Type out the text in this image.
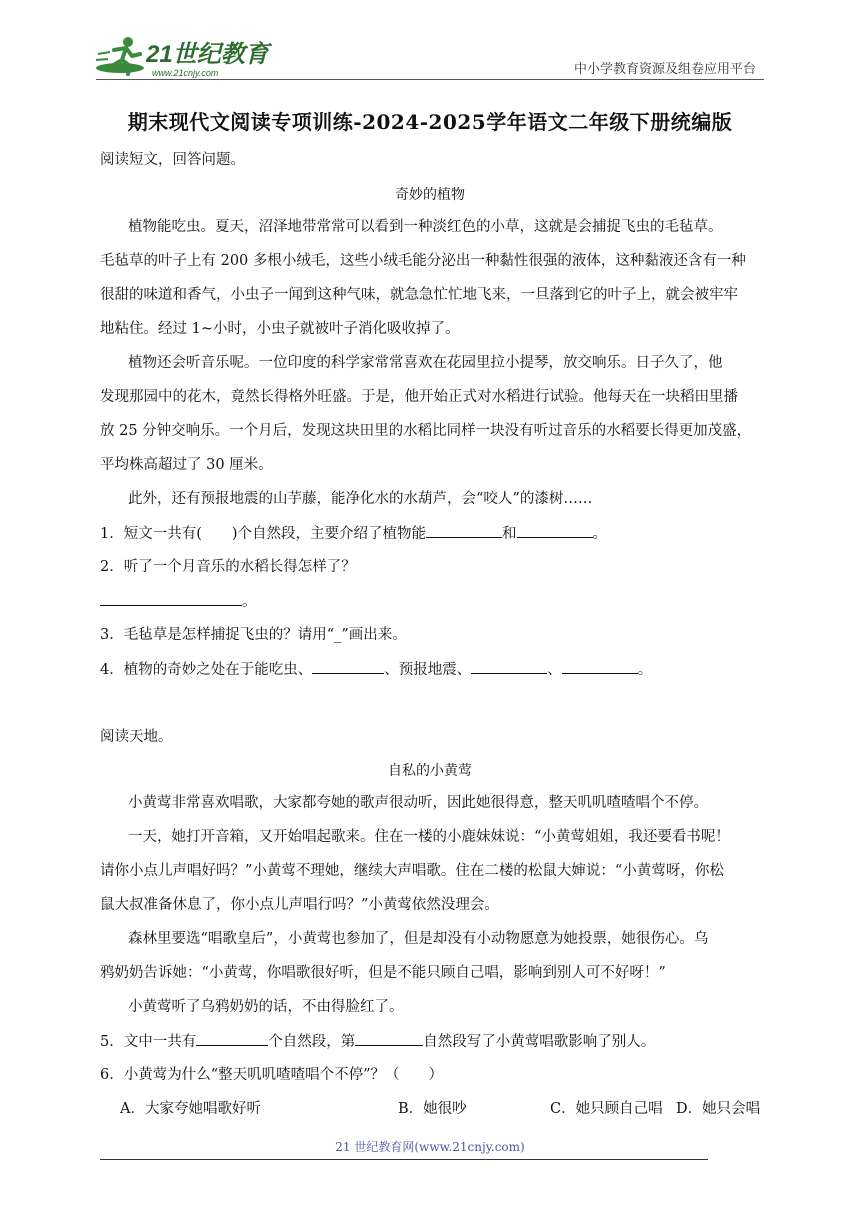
21世纪教育
www.21cnjy.com	中小学教育资源及组卷应用平台
期末现代文阅读专项训练-2024-2025学年语文二年级下册统编版
阅读短文，回答问题。
奇妙的植物
植物能吃虫。夏天，沼泽地带常常可以看到一种淡红色的小草，这就是会捕捉飞虫的毛毡草。
毛毡草的叶子上有 200 多根小绒毛，这些小绒毛能分泌出一种黏性很强的液体，这种黏液还含有一种
很甜的味道和香气，小虫子一闻到这种气味，就急急忙忙地飞来，一旦落到它的叶子上，就会被牢牢
地粘住。经过 1~小时，小虫子就被叶子消化吸收掉了。
植物还会听音乐呢。一位印度的科学家常常喜欢在花园里拉小提琴，放交响乐。日子久了，他
发现那园中的花木，竟然长得格外旺盛。于是，他开始正式对水稻进行试验。他每天在一块稻田里播
放 25 分钟交响乐。一个月后，发现这块田里的水稻比同样一块没有听过音乐的水稻要长得更加茂盛，
平均株高超过了 30 厘米。
此外，还有预报地震的山芋藤，能净化水的水葫芦，会“咬人”的漆树……
1．短文一共有( )个自然段，主要介绍了植物能	和	。
2．听了一个月音乐的水稻长得怎样了？
。
3．毛毡草是怎样捕捉飞虫的？请用“_”画出来。
4．植物的奇妙之处在于能吃虫、	、预报地震、	、	。
阅读天地。
自私的小黄莺
小黄莺非常喜欢唱歌，大家都夸她的歌声很动听，因此她很得意，整天叽叽喳喳唱个不停。
一天，她打开音箱，又开始唱起歌来。住在一楼的小鹿妹妹说：“小黄莺姐姐，我还要看书呢！
请你小点儿声唱好吗？”小黄莺不理她，继续大声唱歌。住在二楼的松鼠大婶说：“小黄莺呀，你松
鼠大叔准备休息了，你小点儿声唱行吗？”小黄莺依然没理会。
森林里要选“唱歌皇后”，小黄莺也参加了，但是却没有小动物愿意为她投票，她很伤心。乌
鸦奶奶告诉她：“小黄莺，你唱歌很好听，但是不能只顾自己唱，影响到别人可不好呀！”
小黄莺听了乌鸦奶奶的话，不由得脸红了。
5．文中一共有	个自然段，第	自然段写了小黄莺唱歌影响了别人。
6．小黄莺为什么“整天叽叽喳喳唱个不停”？（　　）
A．大家夸她唱歌好听	B．她很吵	C．她只顾自己唱 D．她只会唱
21 世纪教育网(www.21cnjy.com)
